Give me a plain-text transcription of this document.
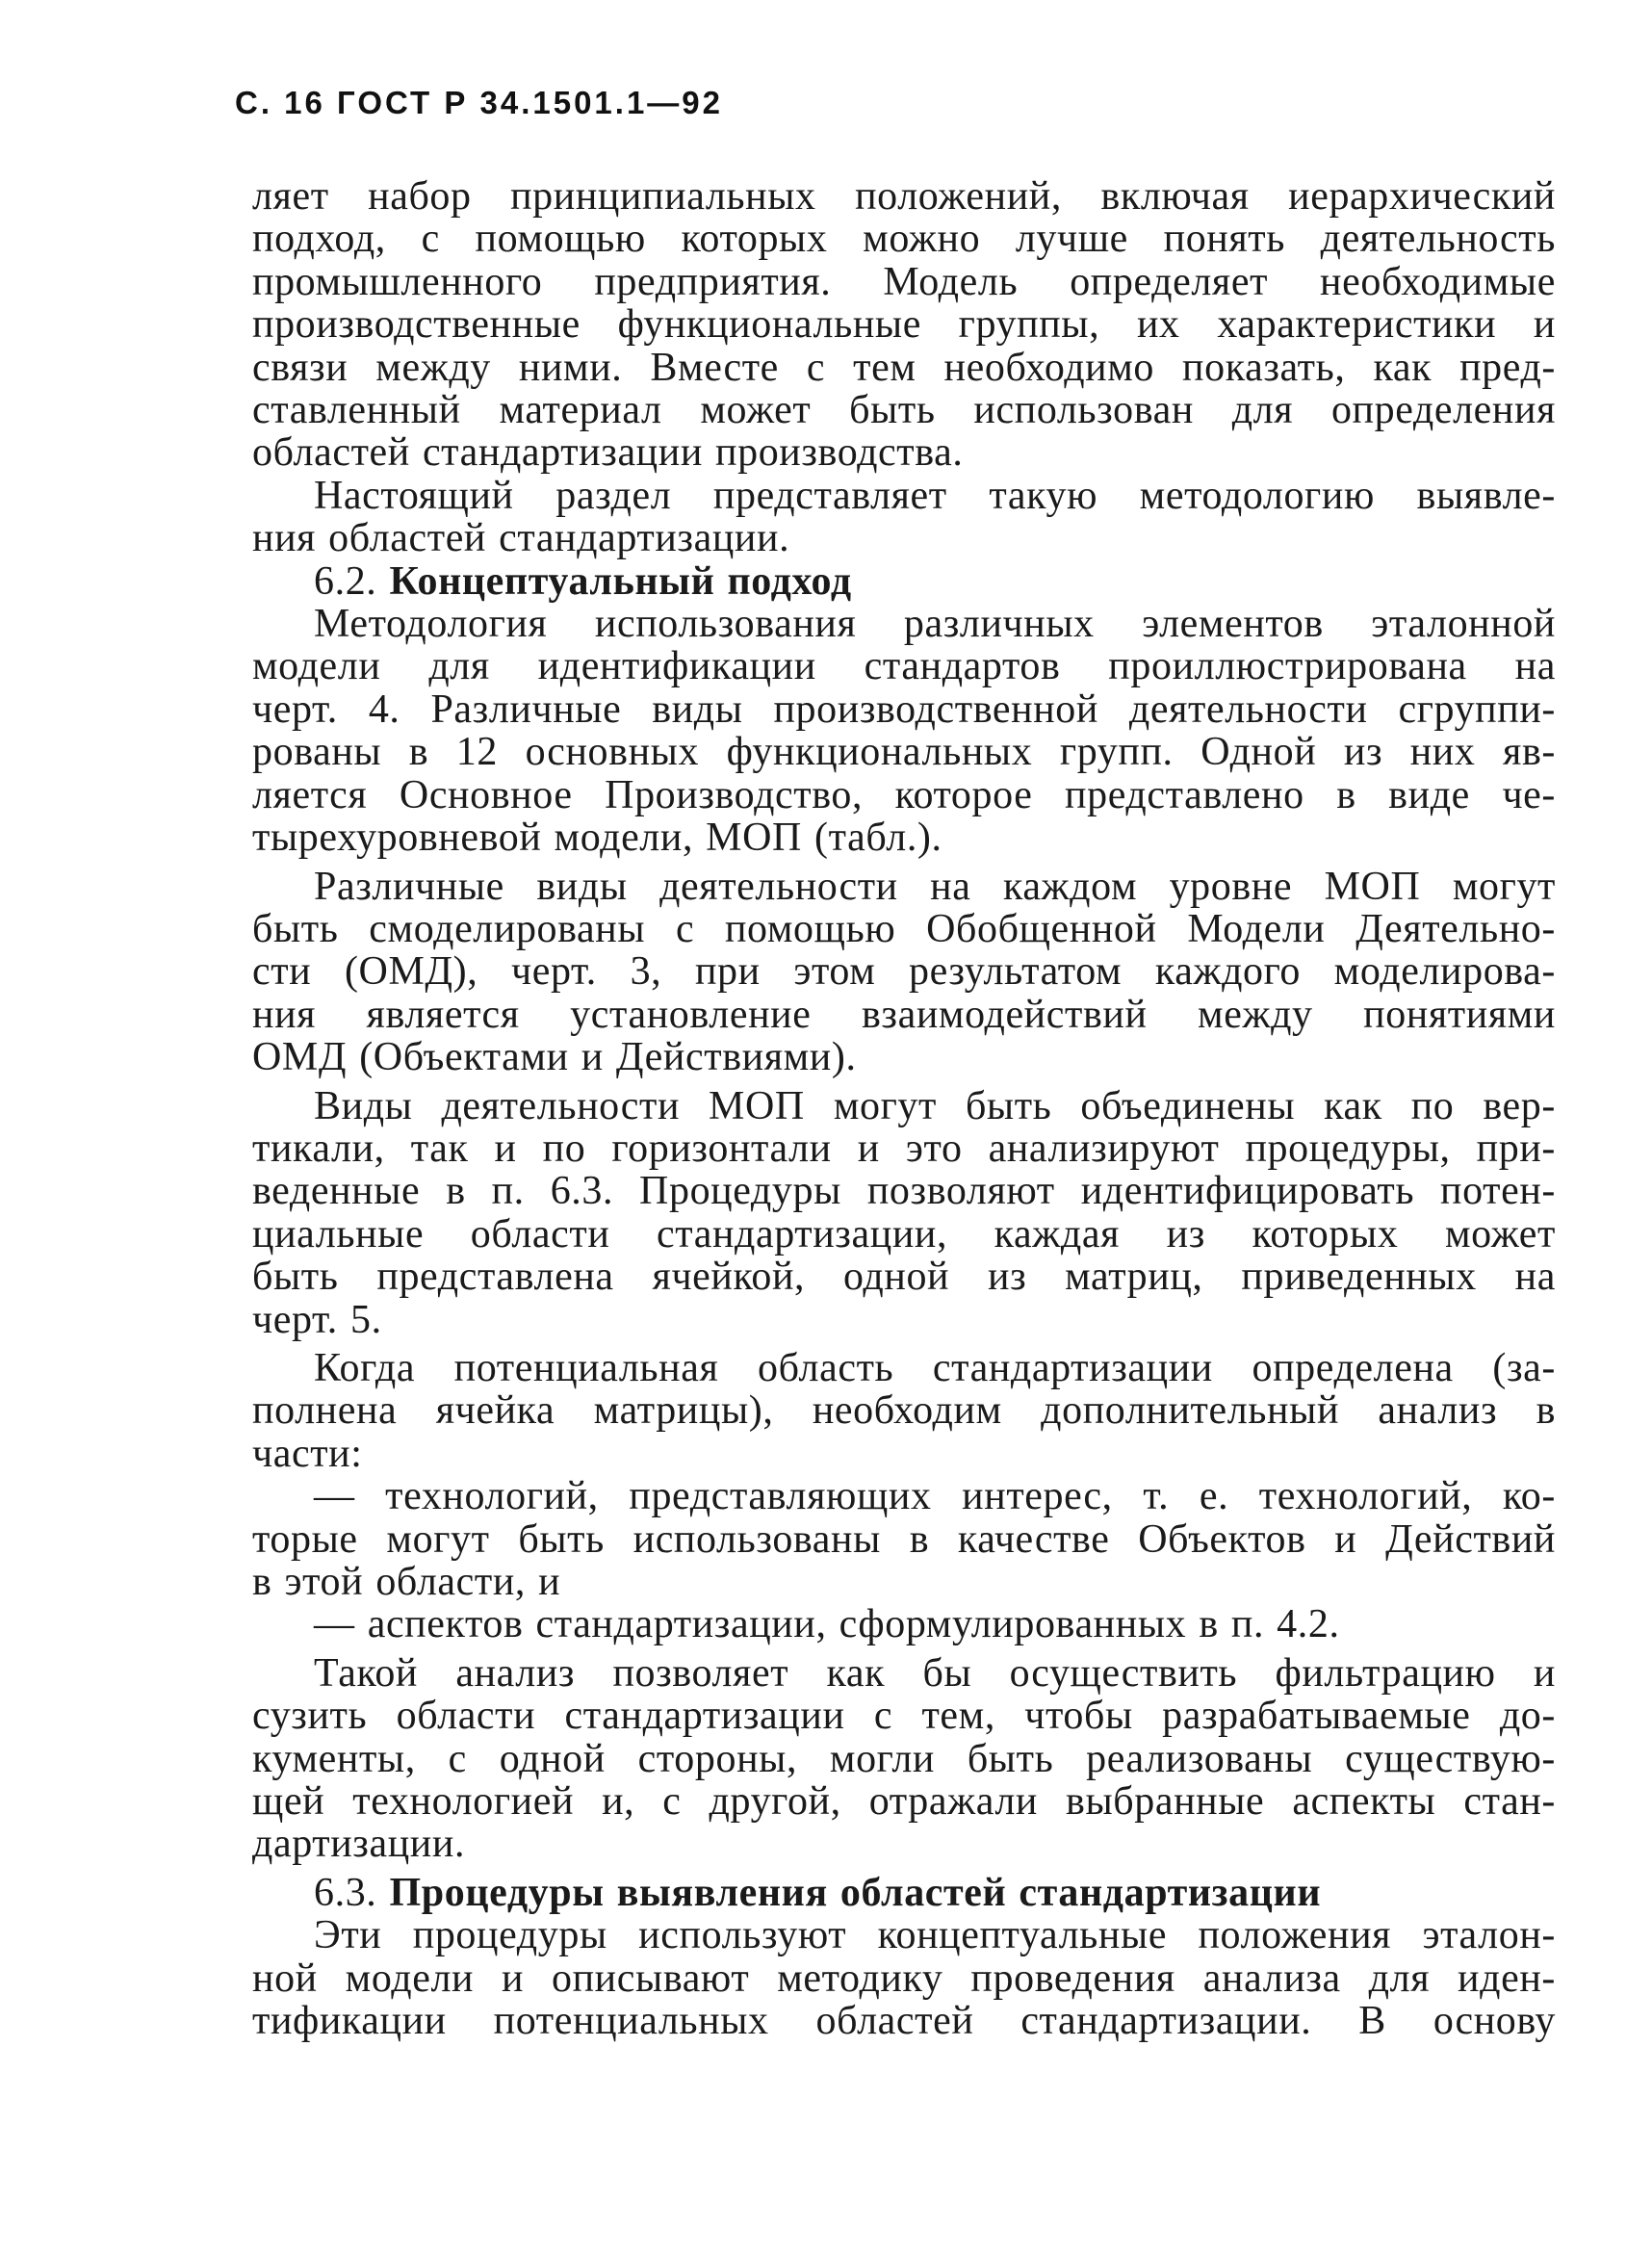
С. 16 ГОСТ Р 34.1501.1—92

ляет набор принципиальных положений, включая иерархический

подход, с помощью которых можно лучше понять деятельность

промышленного предприятия. Модель определяет необходимые

производственные функциональные группы, их характеристики и

связи между ними. Вместе с тем необходимо показать, как пред-

ставленный материал может быть использован для определения

областей стандартизации производства.

Настоящий раздел представляет такую методологию выявле-

ния областей стандартизации.

6.2. Концептуальный подход

Методология использования различных элементов эталонной

модели для идентификации стандартов проиллюстрирована на

черт. 4. Различные виды производственной деятельности сгруппи-

рованы в 12 основных функциональных групп. Одной из них яв-

ляется Основное Производство, которое представлено в виде че-

тырехуровневой модели, МОП (табл.).

Различные виды деятельности на каждом уровне МОП могут

быть смоделированы с помощью Обобщенной Модели Деятельно-

сти (ОМД), черт. 3, при этом результатом каждого моделирова-

ния является установление взаимодействий между понятиями

ОМД (Объектами и Действиями).

Виды деятельности МОП могут быть объединены как по вер-

тикали, так и по горизонтали и это анализируют процедуры, при-

веденные в п. 6.3. Процедуры позволяют идентифицировать потен-

циальные области стандартизации, каждая из которых может

быть представлена ячейкой, одной из матриц, приведенных на

черт. 5.

Когда потенциальная область стандартизации определена (за-

полнена ячейка матрицы), необходим дополнительный анализ в

части:

— технологий, представляющих интерес, т. е. технологий, ко-

торые могут быть использованы в качестве Объектов и Действий

в этой области, и

— аспектов стандартизации, сформулированных в п. 4.2.

Такой анализ позволяет как бы осуществить фильтрацию и

сузить области стандартизации с тем, чтобы разрабатываемые до-

кументы, с одной стороны, могли быть реализованы существую-

щей технологией и, с другой, отражали выбранные аспекты стан-

дартизации.

6.3. Процедуры выявления областей стандартизации

Эти процедуры используют концептуальные положения эталон-

ной модели и описывают методику проведения анализа для иден-

тификации потенциальных областей стандартизации. В основу
